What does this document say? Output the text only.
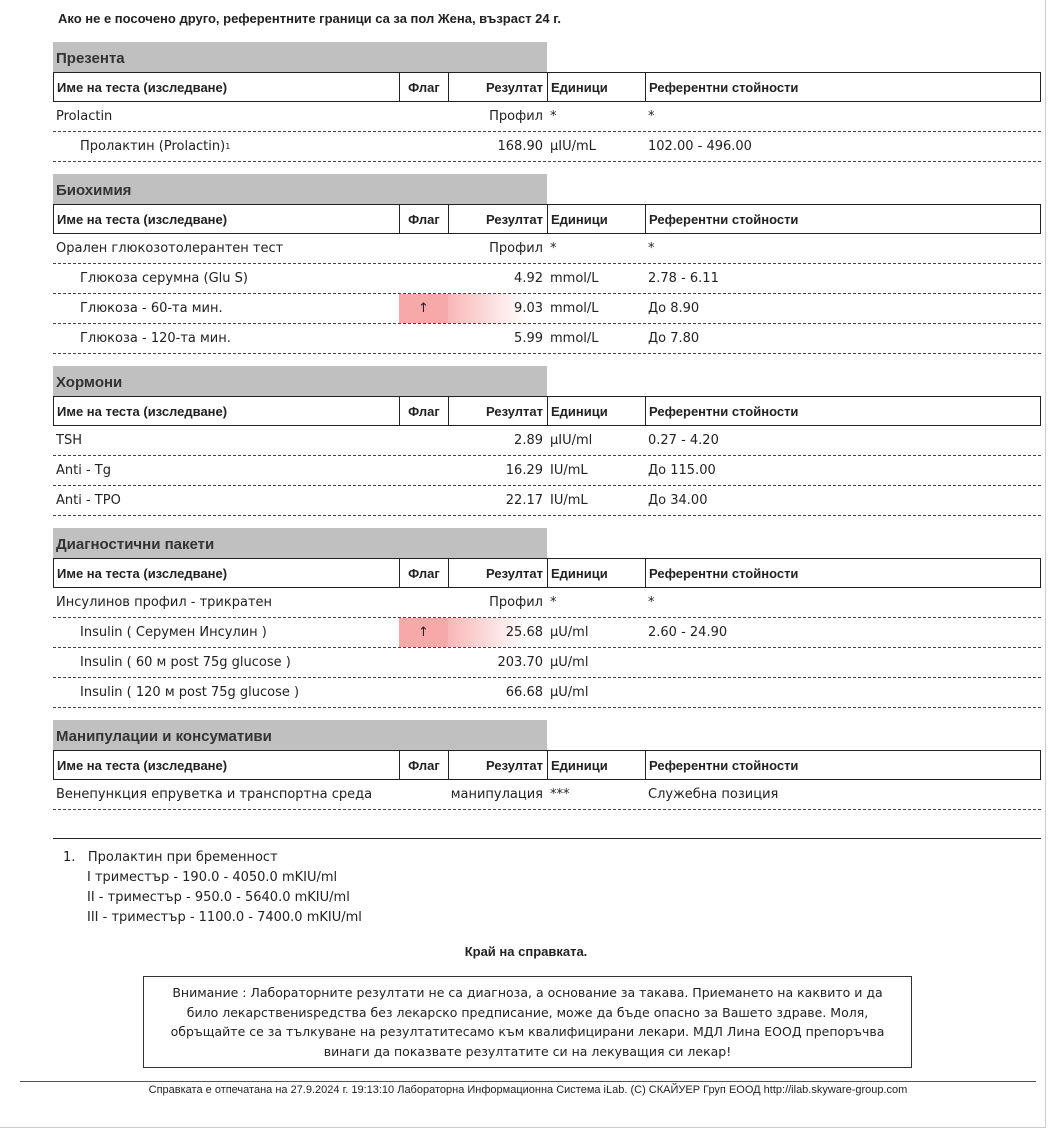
Ако не е посочено друго, референтните граници са за пол Жена, възраст 24 г.
Презента
Име на теста (изследване)	Флаг	Резултат Единици	Референтни стойности
Prolactin	Профил *	*
Пролактин (Prolactin) 1	168.90 µIU/mL	102.00 - 496.00
Биохимия
Име на теста (изследване)	Флаг	Резултат Единици	Референтни стойности
Орален глюкозотолерантен тест	Профил *	*
Глюкоза серумна (Glu S)	4.92 mmol/L	2.78 - 6.11
Глюкоза - 60-та мин.	↑	9.03 mmol/L	До 8.90
Глюкоза - 120-та мин.	5.99 mmol/L	До 7.80
Хормони
Име на теста (изследване)	Флаг	Резултат Единици	Референтни стойности
TSH	2.89 µIU/ml	0.27 - 4.20
Anti - Tg	16.29 IU/mL	До 115.00
Anti - TPO	22.17 IU/mL	До 34.00
Диагностични пакети
Име на теста (изследване)	Флаг	Резултат Единици	Референтни стойности
Инсулинов профил - трикратен	Профил *	*
Insulin ( Серумен Инсулин )	↑	25.68 µU/ml	2.60 - 24.90
Insulin ( 60 м post 75g glucose )	203.70 µU/ml
Insulin ( 120 м post 75g glucose )	66.68 µU/ml
Манипулации и консумативи
Име на теста (изследване)	Флаг	Резултат Единици	Референтни стойности
Венепункция епруветка и транспортна среда	манипулация ***	Служебна позиция
1. Пролактин при бременност
I триместър - 190.0 - 4050.0 mKIU/ml
II - триместър - 950.0 - 5640.0 mKIU/ml
III - триместър - 1100.0 - 7400.0 mKIU/ml
Край на справката.
Внимание : Лабораторните резултати не са диагноза, а основание за такава. Приемането на каквито и да било лекарствениsредства без лекарско предписание, може да бъде опасно за Вашето здраве. Моля, обръщайте се за тълкуване на резултатитесамо към квалифицирани лекари. МДЛ Лина ЕООД препоръчва винаги да показвате резултатите си на лекуващия си лекар!
Справката е отпечатана на 27.9.2024 г. 19:13:10 Лабораторна Информационна Система iLab. (C) СКАЙУЕР Груп ЕООД http://ilab.skyware-group.com
